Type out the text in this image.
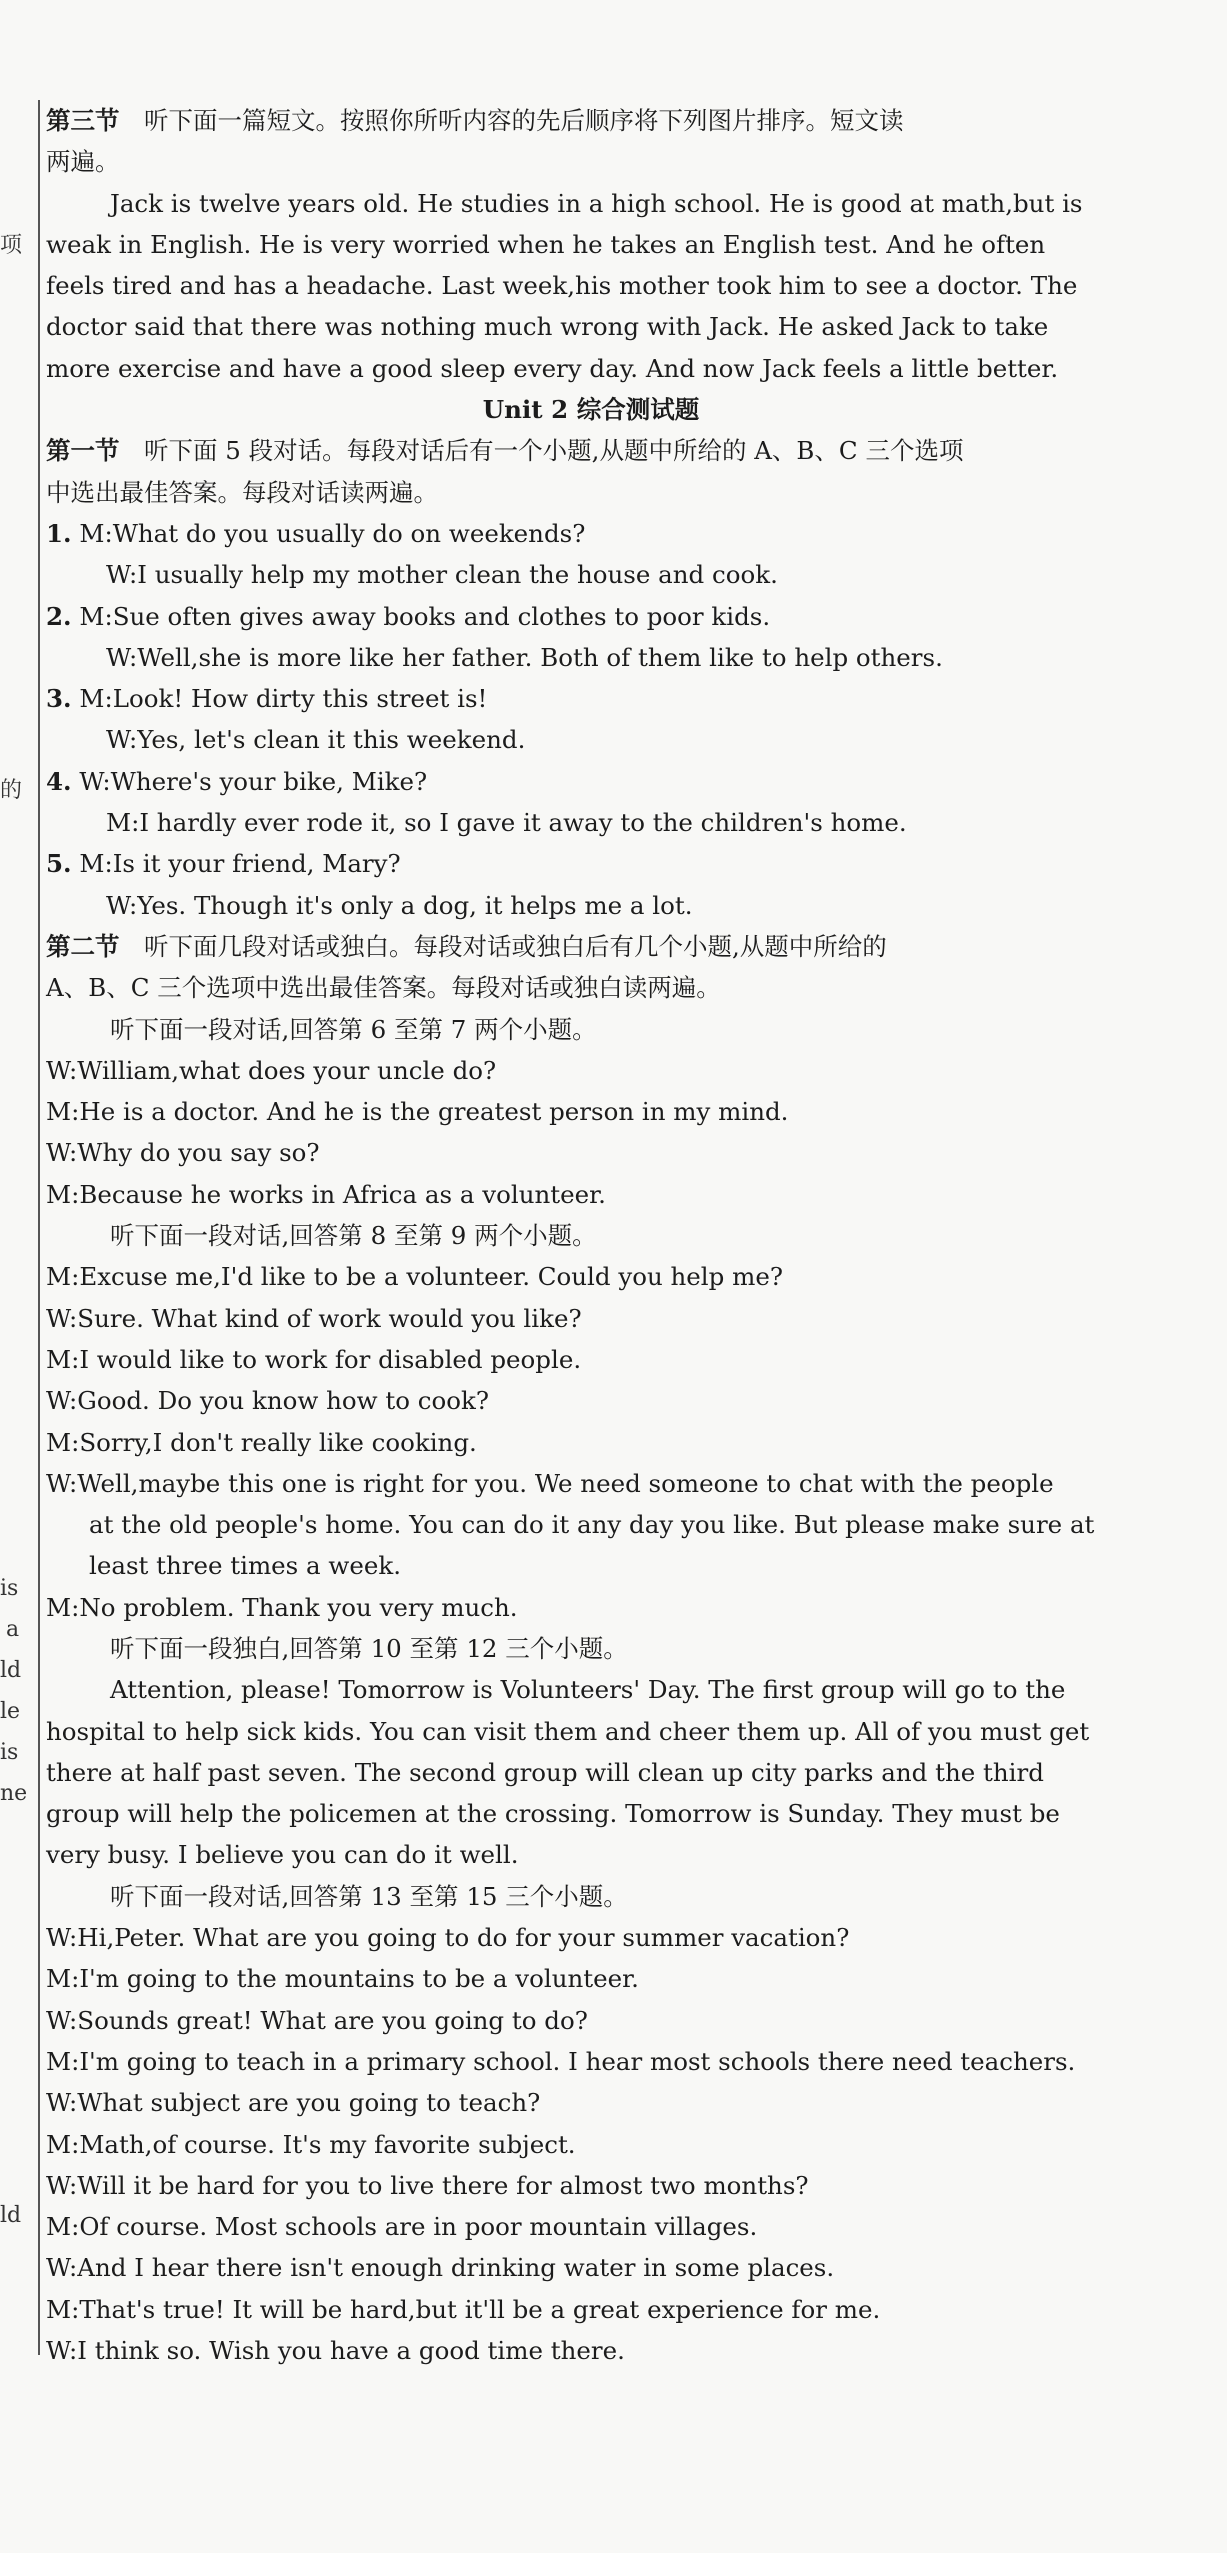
项
的
is
a
ld
le
is
ne
ld
第三节　听下面一篇短文。按照你所听内容的先后顺序将下列图片排序。短文读
两遍。
Jack is twelve years old. He studies in a high school. He is good at math,but is
weak in English. He is very worried when he takes an English test. And he often
feels tired and has a headache. Last week,his mother took him to see a doctor. The
doctor said that there was nothing much wrong with Jack. He asked Jack to take
more exercise and have a good sleep every day. And now Jack feels a little better.
Unit 2 综合测试题
第一节　听下面 5 段对话。每段对话后有一个小题,从题中所给的 A、B、C 三个选项
中选出最佳答案。每段对话读两遍。
1. M:What do you usually do on weekends?
W:I usually help my mother clean the house and cook.
2. M:Sue often gives away books and clothes to poor kids.
W:Well,she is more like her father. Both of them like to help others.
3. M:Look! How dirty this street is!
W:Yes, let's clean it this weekend.
4. W:Where's your bike, Mike?
M:I hardly ever rode it, so I gave it away to the children's home.
5. M:Is it your friend, Mary?
W:Yes. Though it's only a dog, it helps me a lot.
第二节　听下面几段对话或独白。每段对话或独白后有几个小题,从题中所给的
A、B、C 三个选项中选出最佳答案。每段对话或独白读两遍。
听下面一段对话,回答第 6 至第 7 两个小题。
W:William,what does your uncle do?
M:He is a doctor. And he is the greatest person in my mind.
W:Why do you say so?
M:Because he works in Africa as a volunteer.
听下面一段对话,回答第 8 至第 9 两个小题。
M:Excuse me,I'd like to be a volunteer. Could you help me?
W:Sure. What kind of work would you like?
M:I would like to work for disabled people.
W:Good. Do you know how to cook?
M:Sorry,I don't really like cooking.
W:Well,maybe this one is right for you. We need someone to chat with the people
at the old people's home. You can do it any day you like. But please make sure at
least three times a week.
M:No problem. Thank you very much.
听下面一段独白,回答第 10 至第 12 三个小题。
Attention, please! Tomorrow is Volunteers' Day. The first group will go to the
hospital to help sick kids. You can visit them and cheer them up. All of you must get
there at half past seven. The second group will clean up city parks and the third
group will help the policemen at the crossing. Tomorrow is Sunday. They must be
very busy. I believe you can do it well.
听下面一段对话,回答第 13 至第 15 三个小题。
W:Hi,Peter. What are you going to do for your summer vacation?
M:I'm going to the mountains to be a volunteer.
W:Sounds great! What are you going to do?
M:I'm going to teach in a primary school. I hear most schools there need teachers.
W:What subject are you going to teach?
M:Math,of course. It's my favorite subject.
W:Will it be hard for you to live there for almost two months?
M:Of course. Most schools are in poor mountain villages.
W:And I hear there isn't enough drinking water in some places.
M:That's true! It will be hard,but it'll be a great experience for me.
W:I think so. Wish you have a good time there.
